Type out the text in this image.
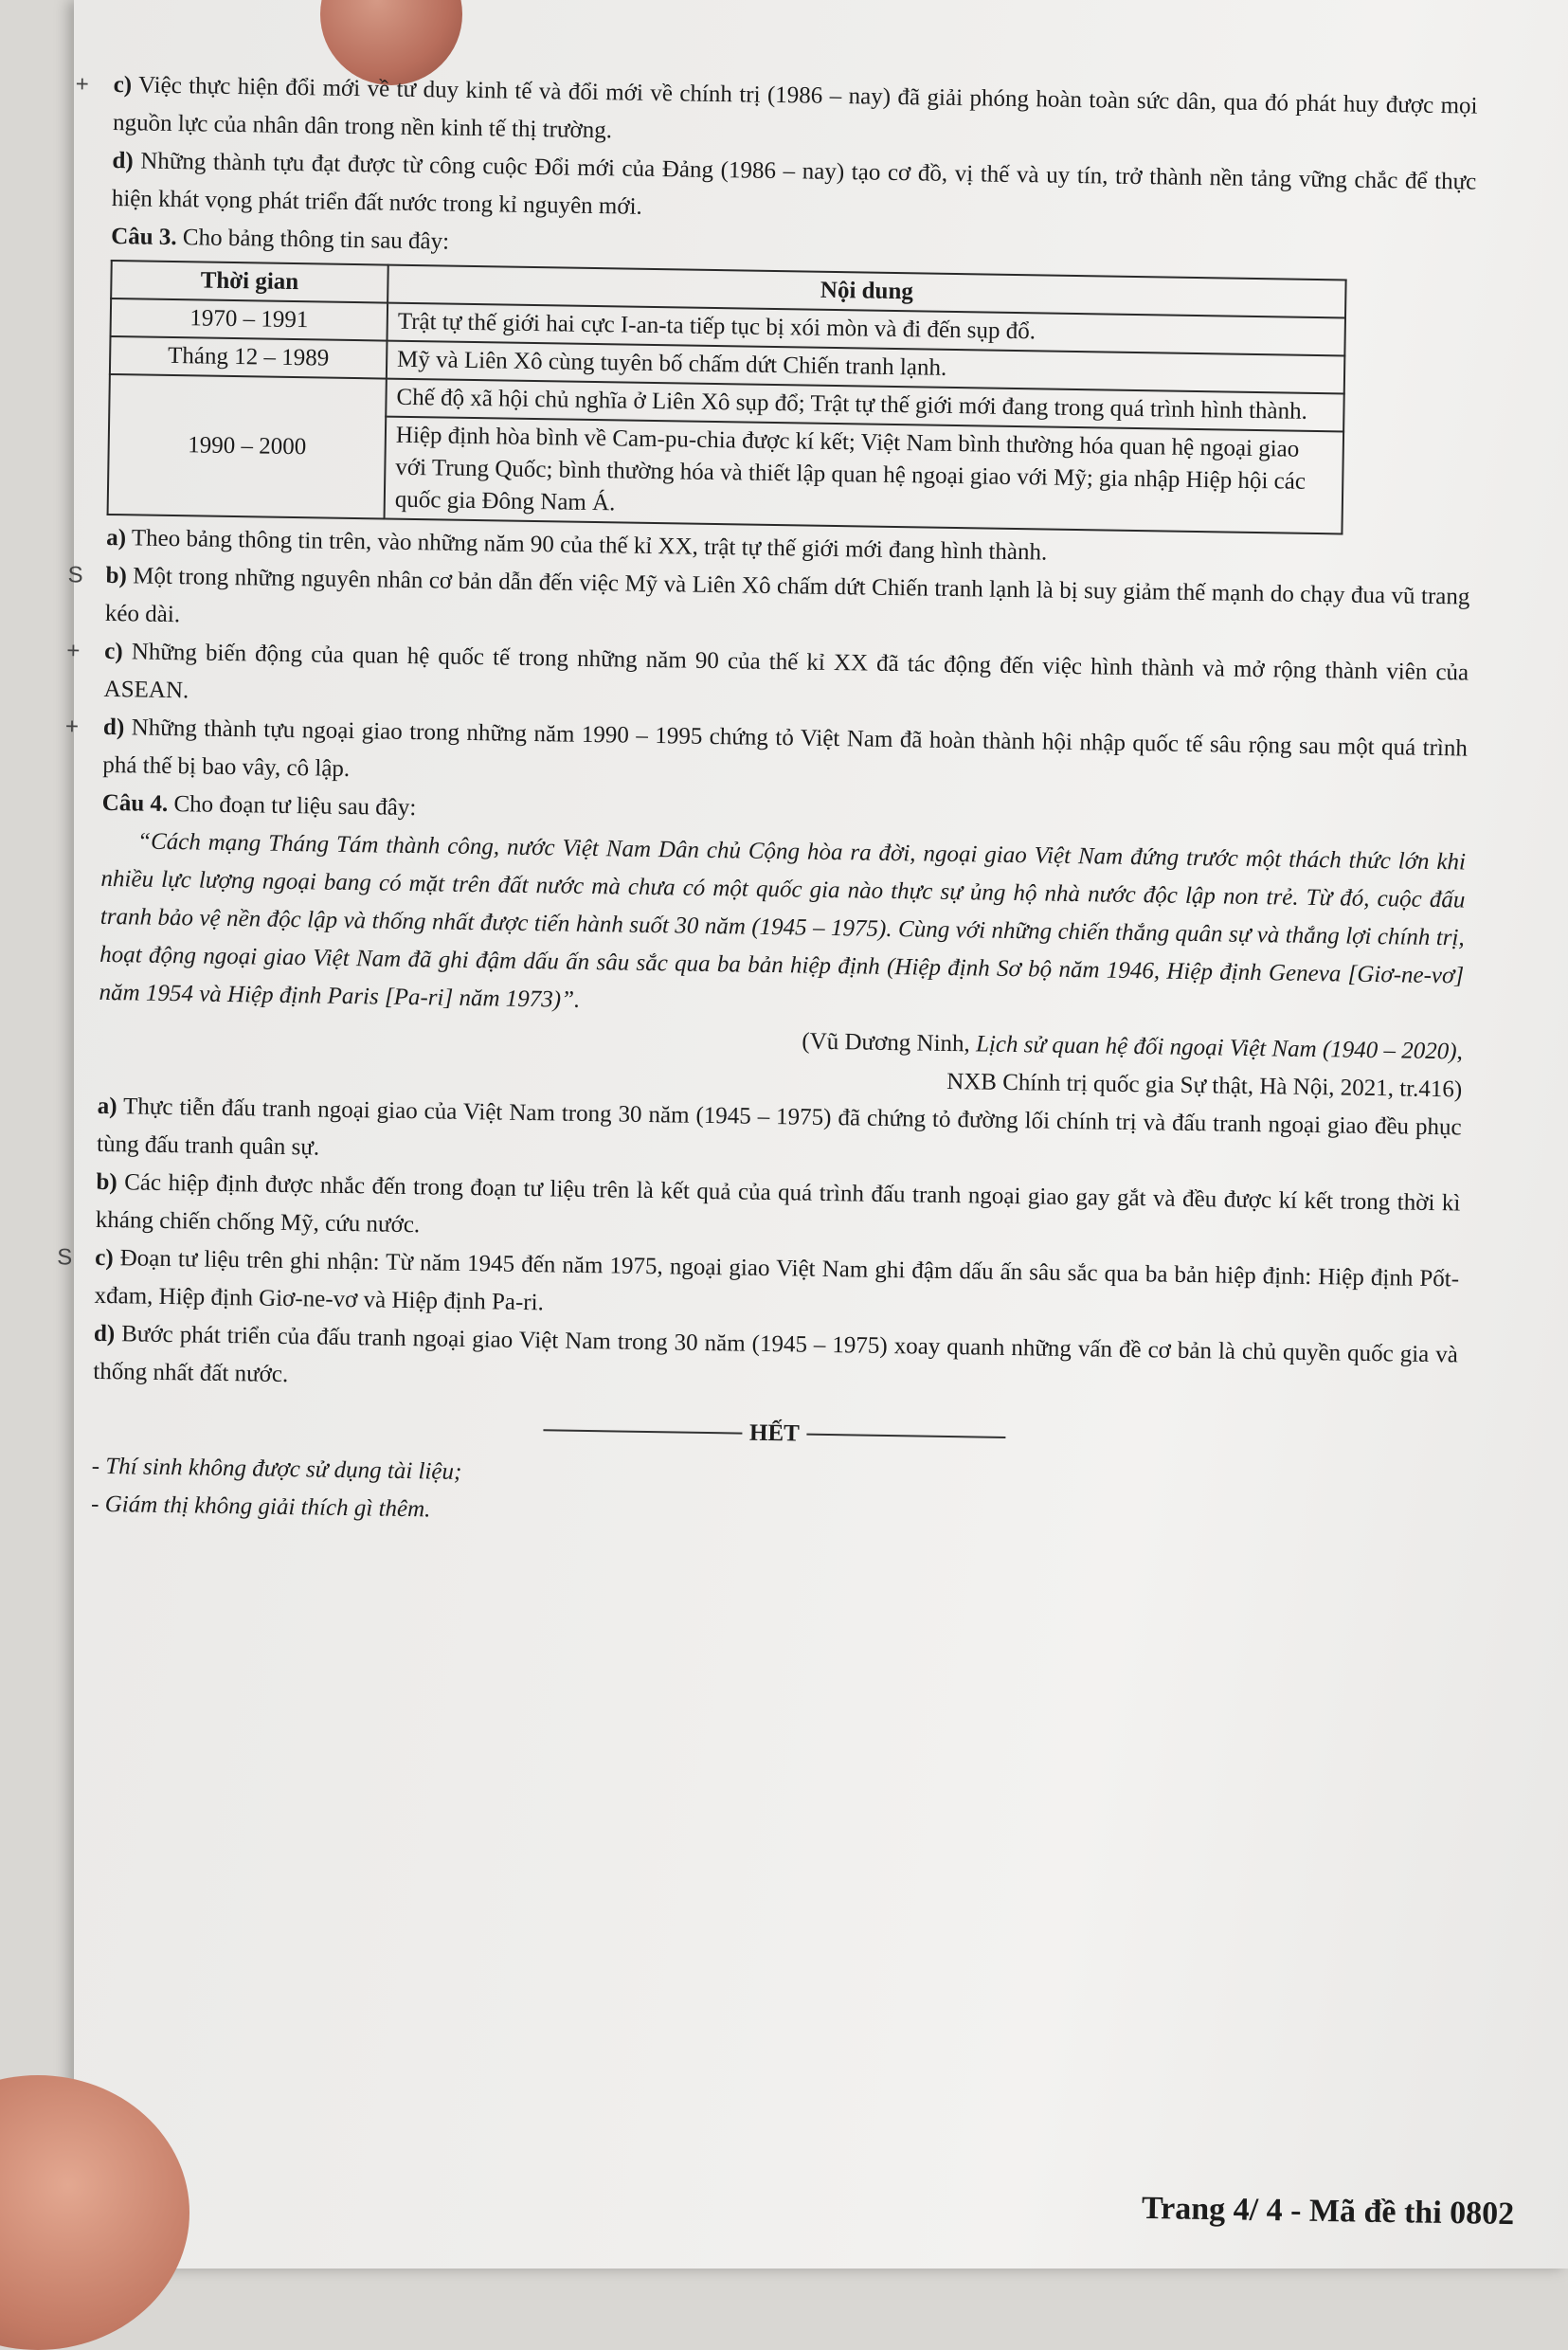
+ c) Việc thực hiện đổi mới về tư duy kinh tế và đổi mới về chính trị (1986 – nay) đã giải phóng hoàn toàn sức dân, qua đó phát huy được mọi nguồn lực của nhân dân trong nền kinh tế thị trường.

d) Những thành tựu đạt được từ công cuộc Đổi mới của Đảng (1986 – nay) tạo cơ đồ, vị thế và uy tín, trở thành nền tảng vững chắc để thực hiện khát vọng phát triển đất nước trong kỉ nguyên mới.

Câu 3. Cho bảng thông tin sau đây:

Thời gian	Nội dung
1970 – 1991	Trật tự thế giới hai cực I-an-ta tiếp tục bị xói mòn và đi đến sụp đổ.
Tháng 12 – 1989	Mỹ và Liên Xô cùng tuyên bố chấm dứt Chiến tranh lạnh.
1990 – 2000	Chế độ xã hội chủ nghĩa ở Liên Xô sụp đổ; Trật tự thế giới mới đang trong quá trình hình thành.
	Hiệp định hòa bình về Cam-pu-chia được kí kết; Việt Nam bình thường hóa quan hệ ngoại giao với Trung Quốc; bình thường hóa và thiết lập quan hệ ngoại giao với Mỹ; gia nhập Hiệp hội các quốc gia Đông Nam Á.

a) Theo bảng thông tin trên, vào những năm 90 của thế kỉ XX, trật tự thế giới mới đang hình thành.

S b) Một trong những nguyên nhân cơ bản dẫn đến việc Mỹ và Liên Xô chấm dứt Chiến tranh lạnh là bị suy giảm thế mạnh do chạy đua vũ trang kéo dài.

+ c) Những biến động của quan hệ quốc tế trong những năm 90 của thế kỉ XX đã tác động đến việc hình thành và mở rộng thành viên của ASEAN.

+ d) Những thành tựu ngoại giao trong những năm 1990 – 1995 chứng tỏ Việt Nam đã hoàn thành hội nhập quốc tế sâu rộng sau một quá trình phá thế bị bao vây, cô lập.

Câu 4. Cho đoạn tư liệu sau đây:

“Cách mạng Tháng Tám thành công, nước Việt Nam Dân chủ Cộng hòa ra đời, ngoại giao Việt Nam đứng trước một thách thức lớn khi nhiều lực lượng ngoại bang có mặt trên đất nước mà chưa có một quốc gia nào thực sự ủng hộ nhà nước độc lập non trẻ. Từ đó, cuộc đấu tranh bảo vệ nền độc lập và thống nhất được tiến hành suốt 30 năm (1945 – 1975). Cùng với những chiến thắng quân sự và thắng lợi chính trị, hoạt động ngoại giao Việt Nam đã ghi đậm dấu ấn sâu sắc qua ba bản hiệp định (Hiệp định Sơ bộ năm 1946, Hiệp định Geneva [Giơ-ne-vơ] năm 1954 và Hiệp định Paris [Pa-ri] năm 1973)”.

(Vũ Dương Ninh, Lịch sử quan hệ đối ngoại Việt Nam (1940 – 2020),

NXB Chính trị quốc gia Sự thật, Hà Nội, 2021, tr.416)

a) Thực tiễn đấu tranh ngoại giao của Việt Nam trong 30 năm (1945 – 1975) đã chứng tỏ đường lối chính trị và đấu tranh ngoại giao đều phục tùng đấu tranh quân sự.

b) Các hiệp định được nhắc đến trong đoạn tư liệu trên là kết quả của quá trình đấu tranh ngoại giao gay gắt và đều được kí kết trong thời kì kháng chiến chống Mỹ, cứu nước.

S c) Đoạn tư liệu trên ghi nhận: Từ năm 1945 đến năm 1975, ngoại giao Việt Nam ghi đậm dấu ấn sâu sắc qua ba bản hiệp định: Hiệp định Pốt-xđam, Hiệp định Giơ-ne-vơ và Hiệp định Pa-ri.

d) Bước phát triển của đấu tranh ngoại giao Việt Nam trong 30 năm (1945 – 1975) xoay quanh những vấn đề cơ bản là chủ quyền quốc gia và thống nhất đất nước.

HẾT

- Thí sinh không được sử dụng tài liệu;

- Giám thị không giải thích gì thêm.

Trang 4/ 4 - Mã đề thi 0802
